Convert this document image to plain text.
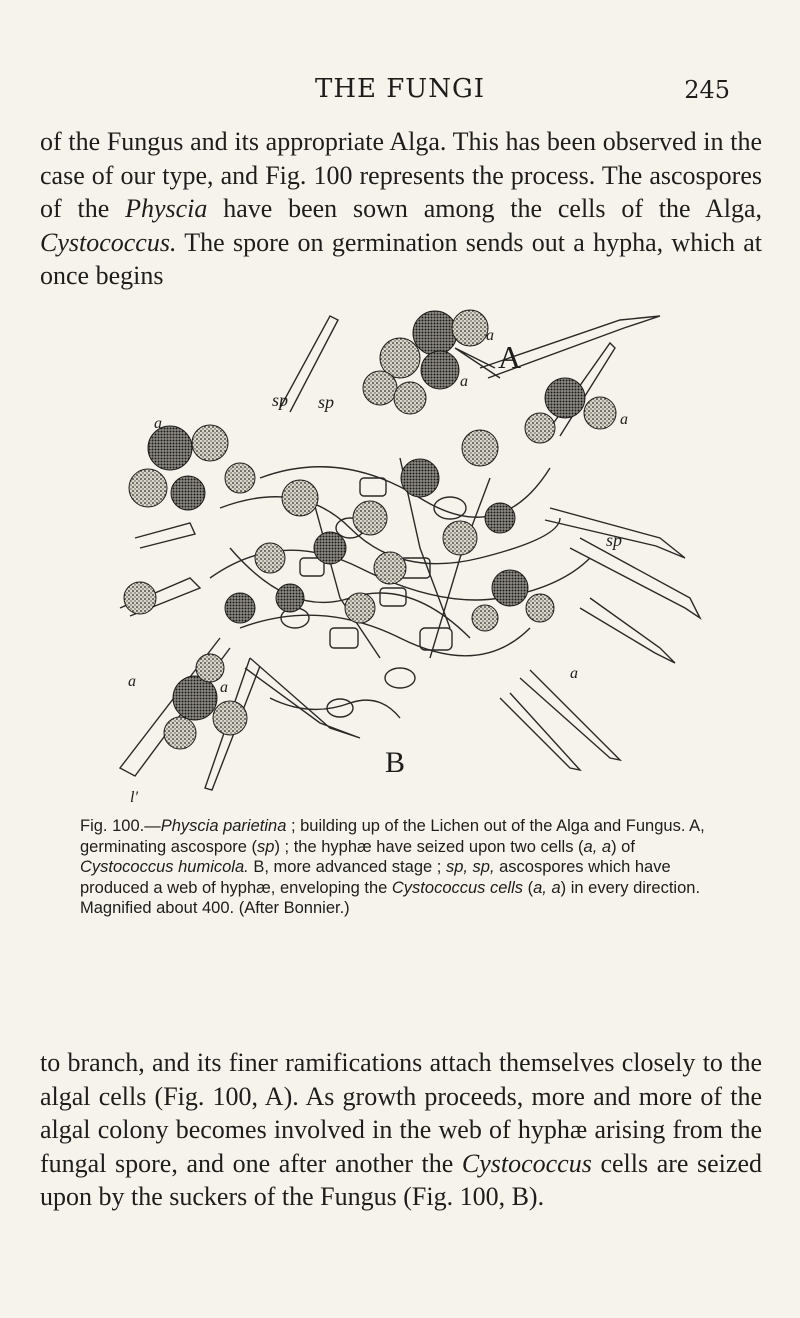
THE FUNGI	245

of the Fungus and its appropriate Alga. This has been observed in the case of our type, and Fig. 100 represents the process. The ascospores of the Physcia have been sown among the cells of the Alga, Cystococcus. The spore on germination sends out a hypha, which at once begins

A
B
sp sp
sp
a
a
a	a
a	a
a
l'
Fig. 100.—Physcia parietina ; building up of the Lichen out of the Alga and Fungus. A, germinating ascospore (sp) ; the hyphæ have seized upon two cells (a, a) of Cystococcus humicola. B, more advanced stage ; sp, sp, ascospores which have produced a web of hyphæ, enveloping the Cystococcus cells (a, a) in every direction. Magnified about 400. (After Bonnier.)

to branch, and its finer ramifications attach themselves closely to the algal cells (Fig. 100, A). As growth proceeds, more and more of the algal colony becomes involved in the web of hyphæ arising from the fungal spore, and one after another the Cystococcus cells are seized upon by the suckers of the Fungus (Fig. 100, B).
